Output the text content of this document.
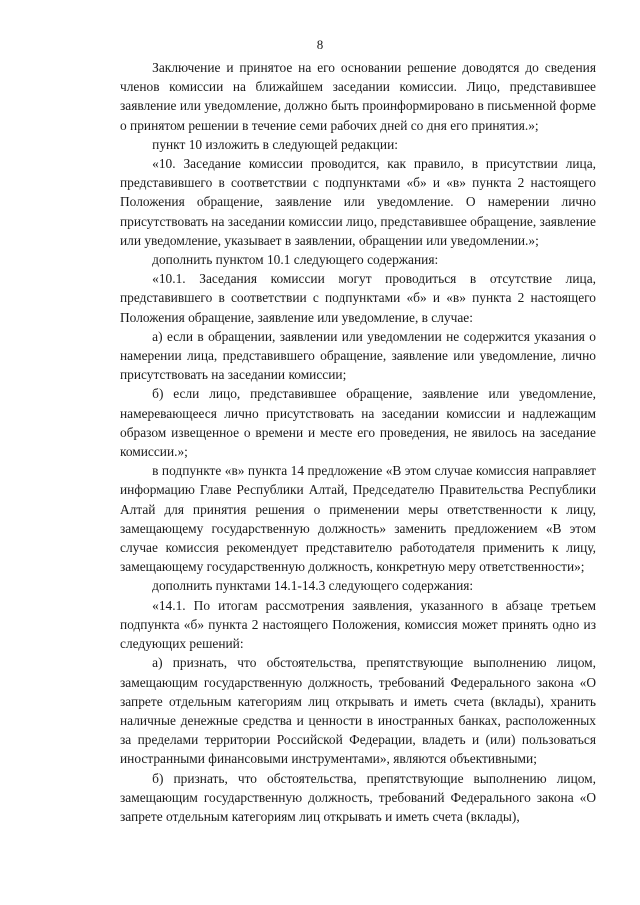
8

Заключение и принятое на его основании решение доводятся до сведения членов комиссии на ближайшем заседании комиссии. Лицо, представившее заявление или уведомление, должно быть проинформировано в письменной форме о принятом решении в течение семи рабочих дней со дня его принятия.»;

пункт 10 изложить в следующей редакции:

«10. Заседание комиссии проводится, как правило, в присутствии лица, представившего в соответствии с подпунктами «б» и «в» пункта 2 настоящего Положения обращение, заявление или уведомление. О намерении лично присутствовать на заседании комиссии лицо, представившее обращение, заявление или уведомление, указывает в заявлении, обращении или уведомлении.»;

дополнить пунктом 10.1 следующего содержания:

«10.1. Заседания комиссии могут проводиться в отсутствие лица, представившего в соответствии с подпунктами «б» и «в» пункта 2 настоящего Положения обращение, заявление или уведомление, в случае:

а) если в обращении, заявлении или уведомлении не содержится указания о намерении лица, представившего обращение, заявление или уведомление, лично присутствовать на заседании комиссии;

б) если лицо, представившее обращение, заявление или уведомление, намеревающееся лично присутствовать на заседании комиссии и надлежащим образом извещенное о времени и месте его проведения, не явилось на заседание комиссии.»;

в подпункте «в» пункта 14 предложение «В этом случае комиссия направляет информацию Главе Республики Алтай, Председателю Правительства Республики Алтай для принятия решения о применении меры ответственности к лицу, замещающему государственную должность» заменить предложением «В этом случае комиссия рекомендует представителю работодателя применить к лицу, замещающему государственную должность, конкретную меру ответственности»;

дополнить пунктами 14.1-14.3 следующего содержания:

«14.1. По итогам рассмотрения заявления, указанного в абзаце третьем подпункта «б» пункта 2 настоящего Положения, комиссия может принять одно из следующих решений:

а) признать, что обстоятельства, препятствующие выполнению лицом, замещающим государственную должность, требований Федерального закона «О запрете отдельным категориям лиц открывать и иметь счета (вклады), хранить наличные денежные средства и ценности в иностранных банках, расположенных за пределами территории Российской Федерации, владеть и (или) пользоваться иностранными финансовыми инструментами», являются объективными;

б) признать, что обстоятельства, препятствующие выполнению лицом, замещающим государственную должность, требований Федерального закона «О запрете отдельным категориям лиц открывать и иметь счета (вклады),
